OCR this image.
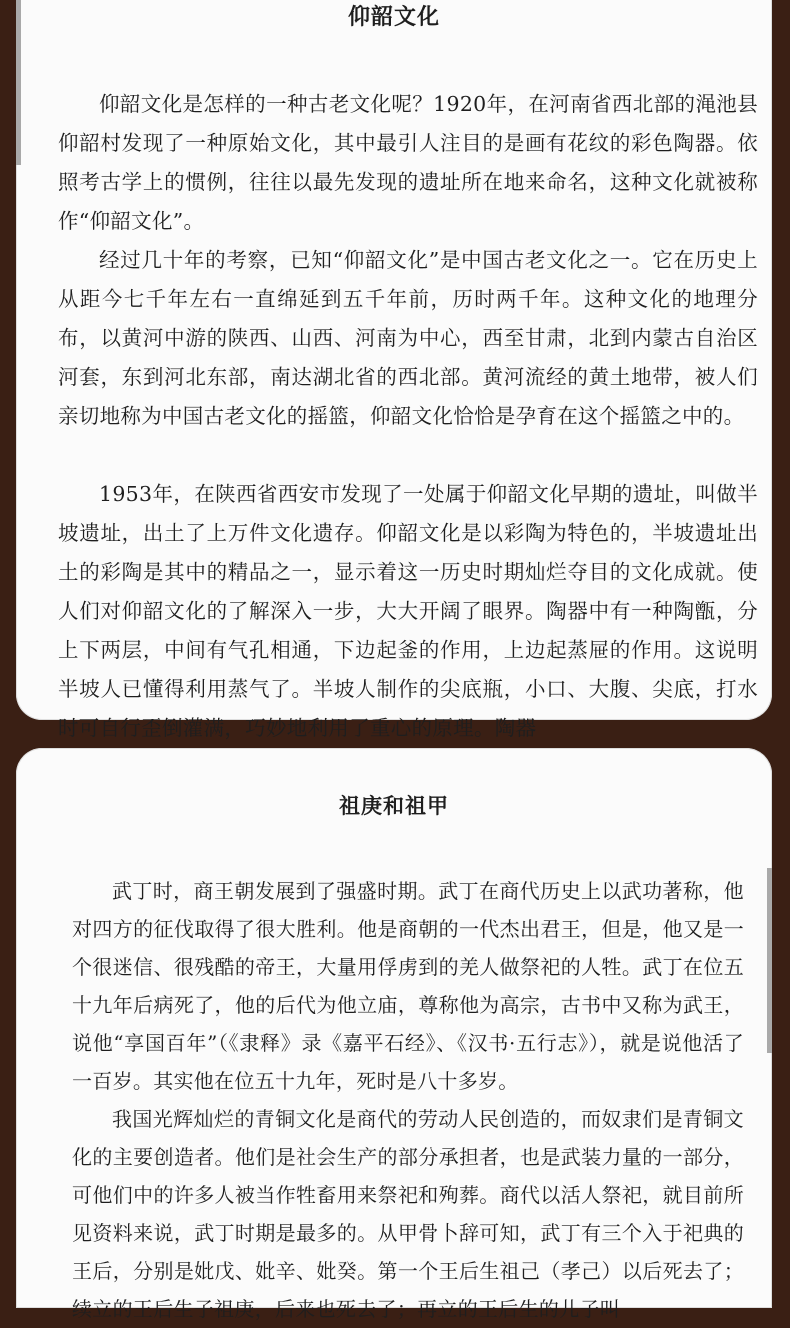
仰韶文化

仰韶文化是怎样的一种古老文化呢？1920年，在河南省西北部的渑池县仰韶村发现了一种原始文化，其中最引人注目的是画有花纹的彩色陶器。依照考古学上的惯例，往往以最先发现的遗址所在地来命名，这种文化就被称作“仰韶文化”。

经过几十年的考察，已知“仰韶文化”是中国古老文化之一。它在历史上从距今七千年左右一直绵延到五千年前，历时两千年。这种文化的地理分布，以黄河中游的陕西、山西、河南为中心，西至甘肃，北到内蒙古自治区河套，东到河北东部，南达湖北省的西北部。黄河流经的黄土地带，被人们亲切地称为中国古老文化的摇篮，仰韶文化恰恰是孕育在这个摇篮之中的。

1953年，在陕西省西安市发现了一处属于仰韶文化早期的遗址，叫做半坡遗址，出土了上万件文化遗存。仰韶文化是以彩陶为特色的，半坡遗址出土的彩陶是其中的精品之一，显示着这一历史时期灿烂夺目的文化成就。使人们对仰韶文化的了解深入一步，大大开阔了眼界。陶器中有一种陶甑，分上下两层，中间有气孔相通，下边起釜的作用，上边起蒸屉的作用。这说明半坡人已懂得利用蒸气了。半坡人制作的尖底瓶，小口、大腹、尖底，打水时可自行歪倒灌满，巧妙地利用了重心的原理。陶器

祖庚和祖甲

武丁时，商王朝发展到了强盛时期。武丁在商代历史上以武功著称，他对四方的征伐取得了很大胜利。他是商朝的一代杰出君王，但是，他又是一个很迷信、很残酷的帝王，大量用俘虏到的羌人做祭祀的人牲。武丁在位五十九年后病死了，他的后代为他立庙，尊称他为高宗，古书中又称为武王，说他“享国百年”（《隶释》录《嘉平石经》、《汉书·五行志》），就是说他活了一百岁。其实他在位五十九年，死时是八十多岁。

我国光辉灿烂的青铜文化是商代的劳动人民创造的，而奴隶们是青铜文化的主要创造者。他们是社会生产的部分承担者，也是武装力量的一部分，可他们中的许多人被当作牲畜用来祭祀和殉葬。商代以活人祭祀，就目前所见资料来说，武丁时期是最多的。从甲骨卜辞可知，武丁有三个入于祀典的王后，分别是妣戊、妣辛、妣癸。第一个王后生祖己（孝己）以后死去了；续立的王后生子祖庚，后来也死去了；再立的王后生的儿子叫
